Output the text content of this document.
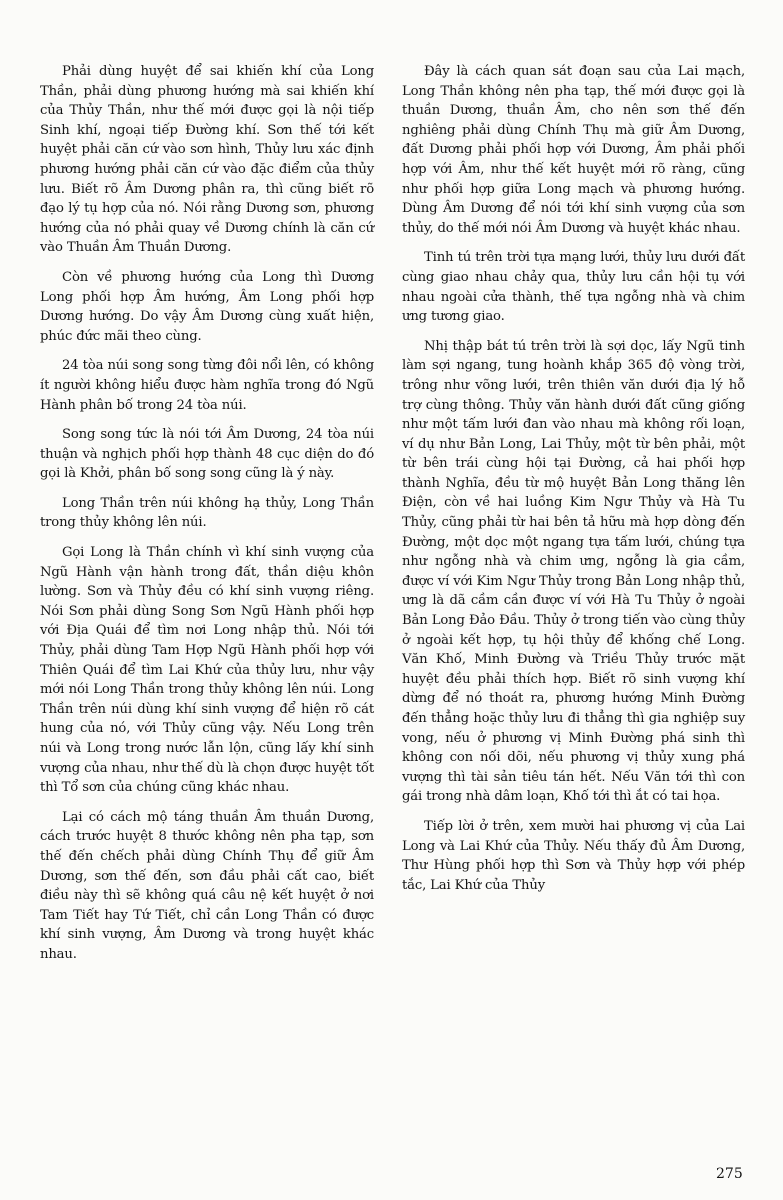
Phải dùng huyệt để sai khiến khí của Long Thần, phải dùng phương hướng mà sai khiến khí của Thủy Thần, như thế mới được gọi là nội tiếp Sinh khí, ngoại tiếp Đường khí. Sơn thế tới kết huyệt phải căn cứ vào sơn hình, Thủy lưu xác định phương hướng phải căn cứ vào đặc điểm của thủy lưu. Biết rõ Âm Dương phân ra, thì cũng biết rõ đạo lý tụ hợp của nó. Nói rằng Dương sơn, phương hướng của nó phải quay về Dương chính là căn cứ vào Thuần Âm Thuần Dương.

Còn về phương hướng của Long thì Dương Long phối hợp Âm hướng, Âm Long phối hợp Dương hướng. Do vậy Âm Dương cùng xuất hiện, phúc đức mãi theo cùng.

24 tòa núi song song từng đôi nổi lên, có không ít người không hiểu được hàm nghĩa trong đó Ngũ Hành phân bố trong 24 tòa núi.

Song song tức là nói tới Âm Dương, 24 tòa núi thuận và nghịch phối hợp thành 48 cục diện do đó gọi là Khởi, phân bố song song cũng là ý này.

Long Thần trên núi không hạ thủy, Long Thần trong thủy không lên núi.

Gọi Long là Thần chính vì khí sinh vượng của Ngũ Hành vận hành trong đất, thần diệu khôn lường. Sơn và Thủy đều có khí sinh vượng riêng. Nói Sơn phải dùng Song Sơn Ngũ Hành phối hợp với Địa Quái để tìm nơi Long nhập thủ. Nói tới Thủy, phải dùng Tam Hợp Ngũ Hành phối hợp với Thiên Quái để tìm Lai Khứ của thủy lưu, như vậy mới nói Long Thần trong thủy không lên núi. Long Thần trên núi dùng khí sinh vượng để hiện rõ cát hung của nó, với Thủy cũng vậy. Nếu Long trên núi và Long trong nước lẫn lộn, cũng lấy khí sinh vượng của nhau, như thế dù là chọn được huyệt tốt thì Tổ sơn của chúng cũng khác nhau.

Lại có cách mộ táng thuần Âm thuần Dương, cách trước huyệt 8 thước không nên pha tạp, sơn thế đến chếch phải dùng Chính Thụ để giữ Âm Dương, sơn thế đến, sơn đầu phải cất cao, biết điều này thì sẽ không quá câu nệ kết huyệt ở nơi Tam Tiết hay Tứ Tiết, chỉ cần Long Thần có được khí sinh vượng, Âm Dương và trong huyệt khác nhau.

Đây là cách quan sát đoạn sau của Lai mạch, Long Thần không nên pha tạp, thế mới được gọi là thuần Dương, thuần Âm, cho nên sơn thế đến nghiêng phải dùng Chính Thụ mà giữ Âm Dương, đất Dương phải phối hợp với Dương, Âm phải phối hợp với Âm, như thế kết huyệt mới rõ ràng, cũng như phối hợp giữa Long mạch và phương hướng. Dùng Âm Dương để nói tới khí sinh vượng của sơn thủy, do thế mới nói Âm Dương và huyệt khác nhau.

Tinh tú trên trời tựa mạng lưới, thủy lưu dưới đất cùng giao nhau chảy qua, thủy lưu cần hội tụ với nhau ngoài cửa thành, thế tựa ngỗng nhà và chim ưng tương giao.

Nhị thập bát tú trên trời là sợi dọc, lấy Ngũ tinh làm sợi ngang, tung hoành khắp 365 độ vòng trời, trông như võng lưới, trên thiên văn dưới địa lý hỗ trợ cùng thông. Thủy văn hành dưới đất cũng giống như một tấm lưới đan vào nhau mà không rối loạn, ví dụ như Bản Long, Lai Thủy, một từ bên phải, một từ bên trái cùng hội tại Đường, cả hai phối hợp thành Nghĩa, đều từ mộ huyệt Bản Long thăng lên Điện, còn về hai luồng Kim Ngư Thủy và Hà Tu Thủy, cũng phải từ hai bên tả hữu mà hợp dòng đến Đường, một dọc một ngang tựa tấm lưới, chúng tựa như ngỗng nhà và chim ưng, ngỗng là gia cầm, được ví với Kim Ngư Thủy trong Bản Long nhập thủ, ưng là dã cầm cần được ví với Hà Tu Thủy ở ngoài Bản Long Đảo Đầu. Thủy ở trong tiến vào cùng thủy ở ngoài kết hợp, tụ hội thủy để khống chế Long. Văn Khố, Minh Đường và Triều Thủy trước mặt huyệt đều phải thích hợp. Biết rõ sinh vượng khí dừng để nó thoát ra, phương hướng Minh Đường đến thẳng hoặc thủy lưu đi thẳng thì gia nghiệp suy vong, nếu ở phương vị Minh Đường phá sinh thì không con nối dõi, nếu phương vị thủy xung phá vượng thì tài sản tiêu tán hết. Nếu Văn tới thì con gái trong nhà dâm loạn, Khố tới thì ắt có tai họa.

Tiếp lời ở trên, xem mười hai phương vị của Lai Long và Lai Khứ của Thủy. Nếu thấy đủ Âm Dương, Thư Hùng phối hợp thì Sơn và Thủy hợp với phép tắc, Lai Khứ của Thủy

275
